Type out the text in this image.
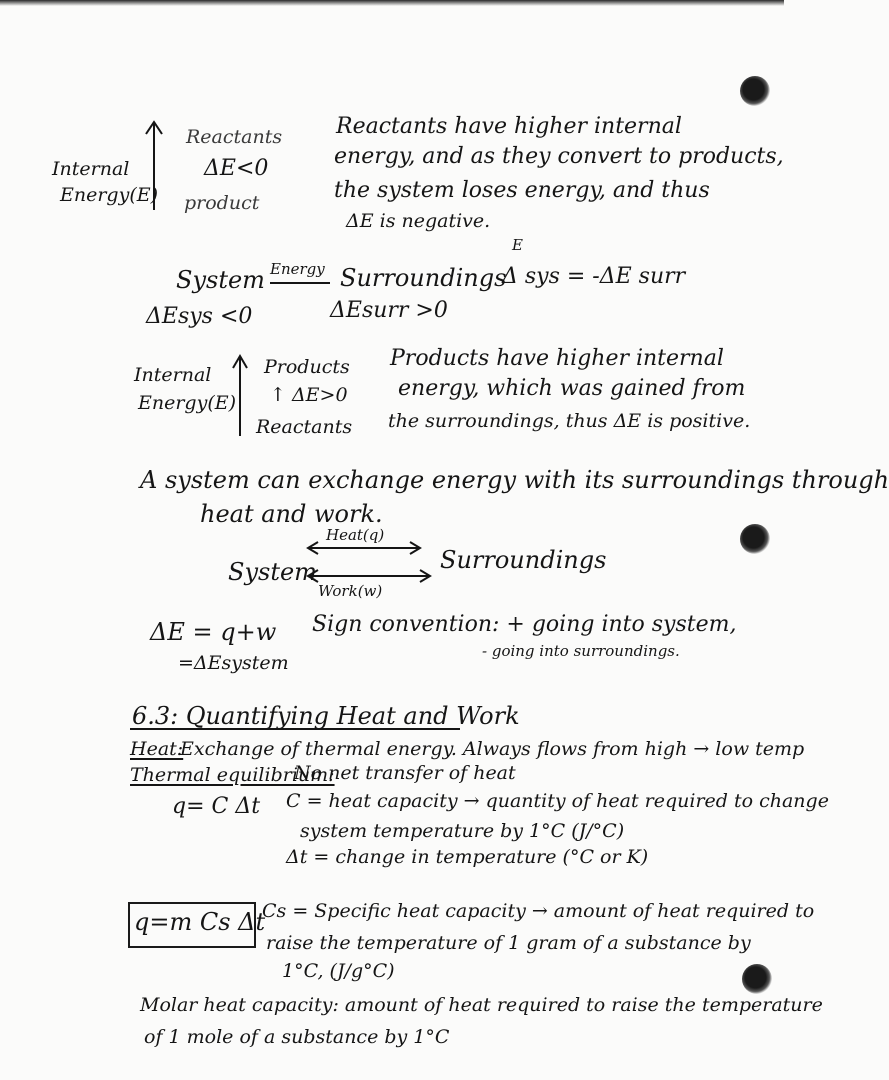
Internal
Energy(E)
Reactants
ΔE<0
product
Reactants have higher internal
energy, and as they convert to products,
the system loses energy, and thus
ΔE is negative.
System Energy Surroundings
E
Δ sys = -ΔE surr
ΔEsys <0	ΔEsurr >0
Internal
Energy(E)
Products
↑ ΔE>0
Reactants
Products have higher internal
energy, which was gained from
the surroundings, thus ΔE is positive.
A system can exchange energy with its surroundings through
heat and work.
Heat(q)
System	Surroundings
Work(w)
ΔE = q+w
=ΔEsystem
Sign convention: + going into system,
- going into surroundings.
6.3: Quantifying Heat and Work
Heat:
Exchange of thermal energy. Always flows from high → low temp
Thermal equilibrium:
No net transfer of heat
q= C Δt C = heat capacity → quantity of heat required to change
system temperature by 1°C (J/°C)
Δt = change in temperature (°C or K)
q=m Cs Δt
Cs = Specific heat capacity → amount of heat required to
raise the temperature of 1 gram of a substance by
1°C, (J/g°C)
Molar heat capacity: amount of heat required to raise the temperature
of 1 mole of a substance by 1°C
